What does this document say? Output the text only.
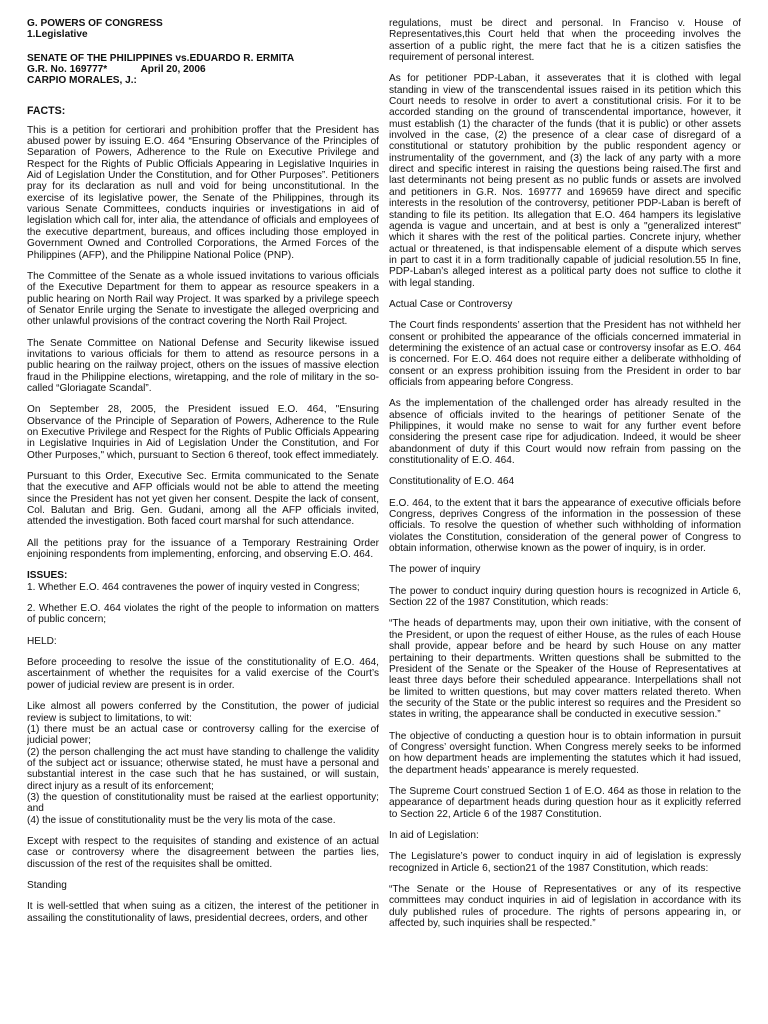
G. POWERS OF CONGRESS
1.Legislative
SENATE OF THE PHILIPPINES vs.EDUARDO R. ERMITA
G.R. No. 169777*            April 20, 2006
CARPIO MORALES, J.:
FACTS:

This is a petition for certiorari and prohibition proffer that the President has abused power by issuing E.O. 464 “Ensuring Observance of the Principles of Separation of Powers, Adherence to the Rule on Executive Privilege and Respect for the Rights of Public Officials Appearing in Legislative Inquiries in Aid of Legislation Under the Constitution, and for Other Purposes”. Petitioners pray for its declaration as null and void for being unconstitutional. In the exercise of its legislative power, the Senate of the Philippines, through its various Senate Committees, conducts inquiries or investigations in aid of legislation which call for, inter alia, the attendance of officials and employees of the executive department, bureaus, and offices including those employed in Government Owned and Controlled Corporations, the Armed Forces of the Philippines (AFP), and the Philippine National Police (PNP).

The Committee of the Senate as a whole issued invitations to various officials of the Executive Department for them to appear as resource speakers in a public hearing on North Rail way Project. It was sparked by a privilege speech of Senator Enrile urging the Senate to investigate the alleged overpricing and other unlawful provisions of the contract covering the North Rail Project.

The Senate Committee on National Defense and Security likewise issued invitations to various officials for them to attend as resource persons in a public hearing on the railway project, others on the issues of massive election fraud in the Philippine elections, wiretapping, and the role of military in the so-called “Gloriagate Scandal”.

On September 28, 2005, the President issued E.O. 464, "Ensuring Observance of the Principle of Separation of Powers, Adherence to the Rule on Executive Privilege and Respect for the Rights of Public Officials Appearing in Legislative Inquiries in Aid of Legislation Under the Constitution, and For Other Purposes," which, pursuant to Section 6 thereof, took effect immediately.

Pursuant to this Order, Executive Sec. Ermita communicated to the Senate that the executive and AFP officials would not be able to attend the meeting since the President has not yet given her consent. Despite the lack of consent, Col. Balutan and Brig. Gen. Gudani, among all the AFP officials invited, attended the investigation. Both faced court marshal for such attendance.

All the petitions pray for the issuance of a Temporary Restraining Order enjoining respondents from implementing, enforcing, and observing E.O. 464.

ISSUES:

1. Whether E.O. 464 contravenes the power of inquiry vested in Congress;

2. Whether E.O. 464 violates the right of the people to information on matters of public concern;

HELD:

Before proceeding to resolve the issue of the constitutionality of E.O. 464, ascertainment of whether the requisites for a valid exercise of the Court’s power of judicial review are present is in order.

Like almost all powers conferred by the Constitution, the power of judicial review is subject to limitations, to wit:

(1) there must be an actual case or controversy calling for the exercise of judicial power;

(2) the person challenging the act must have standing to challenge the validity of the subject act or issuance; otherwise stated, he must have a personal and substantial interest in the case such that he has sustained, or will sustain, direct injury as a result of its enforcement;

(3) the question of constitutionality must be raised at the earliest opportunity; and

(4) the issue of constitutionality must be the very lis mota of the case.

Except with respect to the requisites of standing and existence of an actual case or controversy where the disagreement between the parties lies, discussion of the rest of the requisites shall be omitted.

Standing

It is well-settled that when suing as a citizen, the interest of the petitioner in assailing the constitutionality of laws, presidential decrees, orders, and other

regulations, must be direct and personal. In Franciso v. House of Representatives,this Court held that when the proceeding involves the assertion of a public right, the mere fact that he is a citizen satisfies the requirement of personal interest.

As for petitioner PDP-Laban, it asseverates that it is clothed with legal standing in view of the transcendental issues raised in its petition which this Court needs to resolve in order to avert a constitutional crisis. For it to be accorded standing on the ground of transcendental importance, however, it must establish (1) the character of the funds (that it is public) or other assets involved in the case, (2) the presence of a clear case of disregard of a constitutional or statutory prohibition by the public respondent agency or instrumentality of the government, and (3) the lack of any party with a more direct and specific interest in raising the questions being raised.The first and last determinants not being present as no public funds or assets are involved and petitioners in G.R. Nos. 169777 and 169659 have direct and specific interests in the resolution of the controversy, petitioner PDP-Laban is bereft of standing to file its petition. Its allegation that E.O. 464 hampers its legislative agenda is vague and uncertain, and at best is only a "generalized interest" which it shares with the rest of the political parties. Concrete injury, whether actual or threatened, is that indispensable element of a dispute which serves in part to cast it in a form traditionally capable of judicial resolution.55 In fine, PDP-Laban’s alleged interest as a political party does not suffice to clothe it with legal standing.

Actual Case or Controversy

The Court finds respondents’ assertion that the President has not withheld her consent or prohibited the appearance of the officials concerned immaterial in determining the existence of an actual case or controversy insofar as E.O. 464 is concerned. For E.O. 464 does not require either a deliberate withholding of consent or an express prohibition issuing from the President in order to bar officials from appearing before Congress.

As the implementation of the challenged order has already resulted in the absence of officials invited to the hearings of petitioner Senate of the Philippines, it would make no sense to wait for any further event before considering the present case ripe for adjudication. Indeed, it would be sheer abandonment of duty if this Court would now refrain from passing on the constitutionality of E.O. 464.

Constitutionality of E.O. 464

E.O. 464, to the extent that it bars the appearance of executive officials before Congress, deprives Congress of the information in the possession of these officials. To resolve the question of whether such withholding of information violates the Constitution, consideration of the general power of Congress to obtain information, otherwise known as the power of inquiry, is in order.

The power of inquiry

The power to conduct inquiry during question hours is recognized in Article 6, Section 22 of the 1987 Constitution, which reads:

“The heads of departments may, upon their own initiative, with the consent of the President, or upon the request of either House, as the rules of each House shall provide, appear before and be heard by such House on any matter pertaining to their departments. Written questions shall be submitted to the President of the Senate or the Speaker of the House of Representatives at least three days before their scheduled appearance. Interpellations shall not be limited to written questions, but may cover matters related thereto. When the security of the State or the public interest so requires and the President so states in writing, the appearance shall be conducted in executive session.”

The objective of conducting a question hour is to obtain information in pursuit of Congress’ oversight function. When Congress merely seeks to be informed on how department heads are implementing the statutes which it had issued, the department heads’ appearance is merely requested.

The Supreme Court construed Section 1 of E.O. 464 as those in relation to the appearance of department heads during question hour as it explicitly referred to Section 22, Article 6 of the 1987 Constitution.

In aid of Legislation:

The Legislature’s power to conduct inquiry in aid of legislation is expressly recognized in Article 6, section21 of the 1987 Constitution, which reads:

“The Senate or the House of Representatives or any of its respective committees may conduct inquiries in aid of legislation in accordance with its duly published rules of procedure. The rights of persons appearing in, or affected by, such inquiries shall be respected.”
